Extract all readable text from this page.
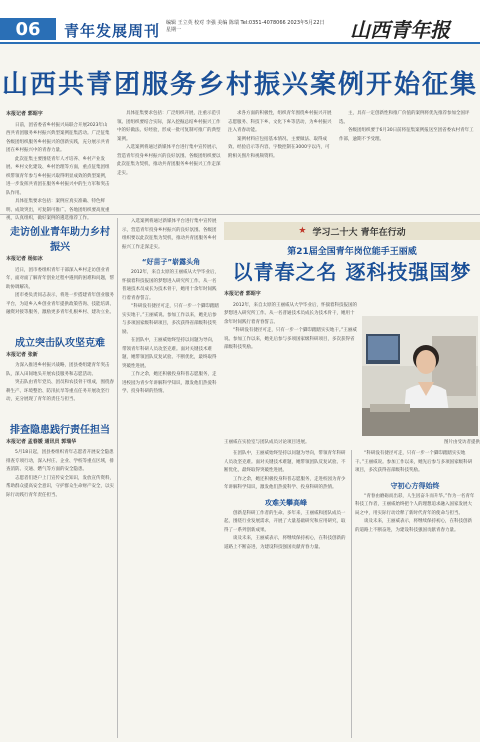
06	青年发展周刊 编辑 王立英 校对 李强 美编 陈瑞 Tel:0351-4078066 2023年5月22日 星期一	山西青年报
山西共青团服务乡村振兴案例开始征集
本报记者 郭昭宇

日前，团省委省乡村振兴局联合开展2023年山西共青团服务乡村振兴典型案例征集活动。广泛征集各级团组织服务乡村振兴的创新实践，充分展示共青团在乡村振兴中的青春力量。

此次征集主要围绕青年人才培养、乡村产业发展、乡村文化建设、乡村治理等方面，重点征集团组织带领青年参与乡村振兴取得明显成效的典型案例，进一步发挥共青团在服务乡村振兴中的生力军和突击队作用。

具体征集要求包括：案例应真实准确、特色鲜明、成效突出，可复制可推广。各地团组织要高度重视，认真组织，做好案例的遴选推荐工作。

具体征集要求包括：广泛组织开展，注重示范引领。团组织要结合实际，深入挖掘总结乡村振兴工作中的好做法、好经验，形成一批可复制可推广的典型案例。

入选案例将通过新媒体平台进行集中宣传展示，营造青年投身乡村振兴的良好氛围。各级团组织要以此次征集为契机，推动共青团服务乡村振兴工作走深走实。

求各方面的积极性，组织青年围绕乡村振兴开展志愿服务、科技下乡、文化下乡等活动，为乡村振兴注入青春动能。

案例材料应包括基本情况、主要做法、取得成效、经验启示等内容，字数控制在3000字以内，可附相关图片和视频资料。

主，具有一定创新性和推广价值的案例将优先推荐参加全国评选。

各级团组织要于6月30日前将征集案例报送至团省委农村青年工作部，逾期不予受理。

走访创业青年助力乡村振兴
本报记者 杨如冰

近日，团市委组织青年干部深入乡村走访创业青年，面对面了解青年创业过程中遇到的困难和问题，帮助协调解决。

团市委负责同志表示，将进一步搭建青年创业服务平台，为返乡入乡创业青年提供政策咨询、技能培训、融资对接等服务，激励更多青年扎根乡村、建功立业。

成立突击队攻坚克难
本报记者 张新

为深入推进乡村振兴战略，团县委组建青年突击队，深入田间地头开展农技服务和志愿活动。

突击队由青年党员、团员和农技骨干组成，围绕春耕生产、环境整治、防汛抗旱等重点任务开展攻坚行动，充分展现了青年的责任与担当。

排查隐患践行责任担当
本报记者 孟春媛 通讯员 郭瑞华

5月18日起，团县委组织青年志愿者开展安全隐患排查专项行动，深入村庄、企业、学校等重点区域，排查消防、交通、燃气等方面的安全隐患。

志愿者们逐户上门宣传安全知识，发放宣传资料，帮助群众提高安全意识，守护群众生命财产安全，以实际行动践行青年责任担当。

入选案例将通过新媒体平台进行集中宣传展示，营造青年投身乡村振兴的良好氛围。各级团组织要以此次征集为契机，推动共青团服务乡村振兴工作走深走实。

“好苗子”崭露头角

2012年，来自太原的王丽威从大学毕业后，怀揣着科技报国的梦想进入研究所工作。从一名普通技术员成长为技术骨干，她用十余年时间践行着青春誓言。

“科研没有捷径可走，只有一步一个脚印踏踏实实地干。”王丽威说。参加工作以来，她先后参与多项国家级科研项目，多次获得省部级科技奖励。

在团队中，王丽威始终坚持以问题为导向，带领青年科研人员攻坚克难。面对关键技术难题，她带领团队反复试验、不断优化，最终取得突破性进展。

工作之余，她还积极投身科普志愿服务，走进校园为青少年讲解科学知识，激发他们热爱科学、投身科研的热情。

★ 学习二十大 青年在行动
第21届全国青年岗位能手王丽威
以青春之名 逐科技强国梦
本报记者 郭昭宇

2012年，来自太原的王丽威从大学毕业后，怀揣着科技报国的梦想进入研究所工作。从一名普通技术员成长为技术骨干，她用十余年时间践行着青春誓言。

“科研没有捷径可走，只有一步一个脚印踏踏实实地干。”王丽威说。参加工作以来，她先后参与多项国家级科研项目，多次获得省部级科技奖励。

王丽威在实验室与团队成员讨论项目进展。	图片由受访者提供

在团队中，王丽威始终坚持以问题为导向，带领青年科研人员攻坚克难。面对关键技术难题，她带领团队反复试验、不断优化，最终取得突破性进展。

工作之余，她还积极投身科普志愿服务，走进校园为青少年讲解科学知识，激发他们热爱科学、投身科研的热情。

攻难关攀高峰

创新是科研工作者的生命。多年来，王丽威和团队成员一起，围绕行业发展需求，开展了大量基础研究和应用研究，取得了一系列创新成果。

谈及未来，王丽威表示，将继续保持初心，在科技创新的道路上不断奋进，为建设科技强国贡献青春力量。

“科研没有捷径可走，只有一步一个脚印踏踏实实地干。”王丽威说。参加工作以来，她先后参与多项国家级科研项目，多次获得省部级科技奖励。

守初心方得始终

“青春由磨砺而出彩，人生因奋斗而升华。”作为一名青年科技工作者，王丽威始终把个人的理想追求融入国家发展大局之中，用实际行动诠释了新时代青年的使命与担当。

谈及未来，王丽威表示，将继续保持初心，在科技创新的道路上不断奋进，为建设科技强国贡献青春力量。
